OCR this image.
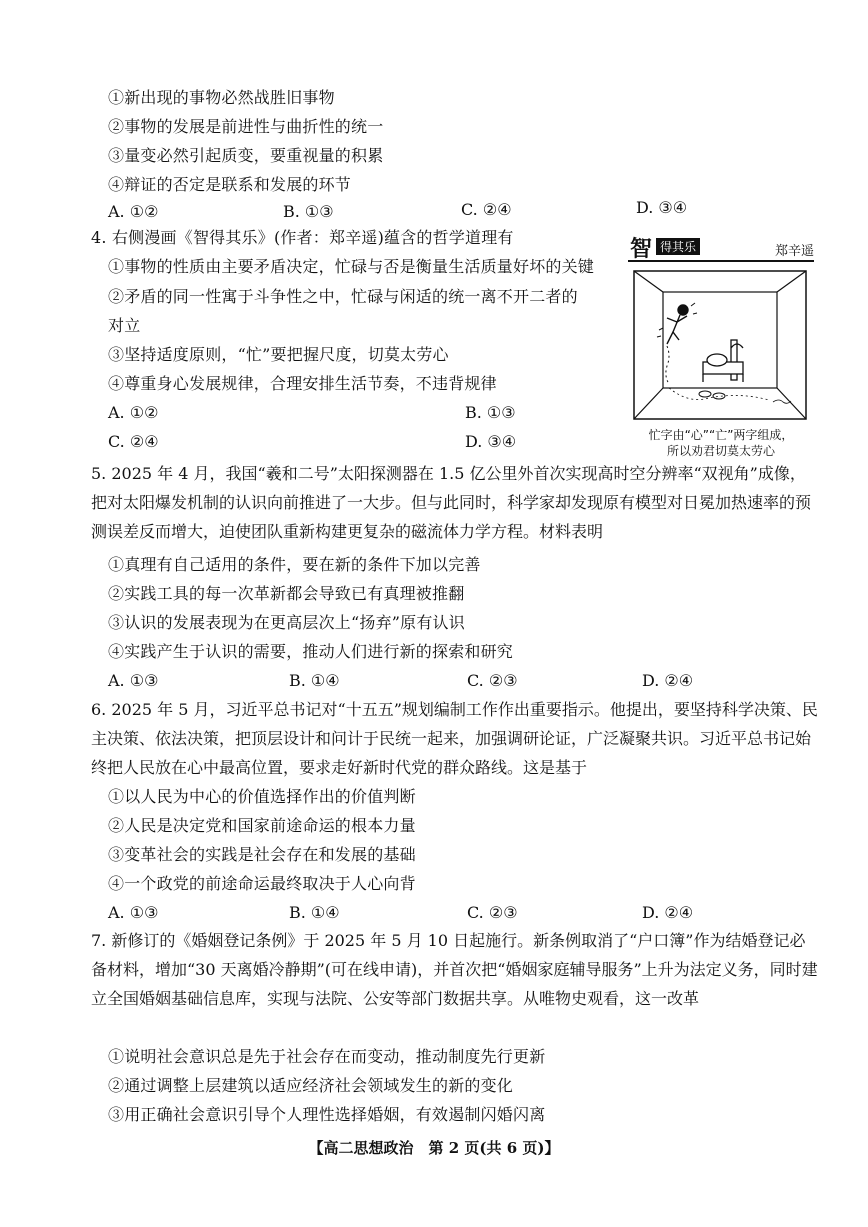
①新出现的事物必然战胜旧事物
②事物的发展是前进性与曲折性的统一
③量变必然引起质变，要重视量的积累
④辩证的否定是联系和发展的环节
A. ①②	B. ①③	C. ②④	D. ③④
4. 右侧漫画《智得其乐》(作者：郑辛遥)蕴含的哲学道理有
①事物的性质由主要矛盾决定，忙碌与否是衡量生活质量好坏的关键
②矛盾的同一性寓于斗争性之中，忙碌与闲适的统一离不开二者的
对立
③坚持适度原则，“忙”要把握尺度，切莫太劳心
④尊重身心发展规律，合理安排生活节奏，不违背规律
A. ①②	B. ①③
C. ②④	D. ③④
智 得其乐	郑辛遥
忙字由“心”“亡”两字组成，
所以劝君切莫太劳心
5. 2025 年 4 月，我国“羲和二号”太阳探测器在 1.5 亿公里外首次实现高时空分辨率“双视角”成像，把对太阳爆发机制的认识向前推进了一大步。但与此同时，科学家却发现原有模型对日冕加热速率的预测误差反而增大，迫使团队重新构建更复杂的磁流体力学方程。材料表明
①真理有自己适用的条件，要在新的条件下加以完善
②实践工具的每一次革新都会导致已有真理被推翻
③认识的发展表现为在更高层次上“扬弃”原有认识
④实践产生于认识的需要，推动人们进行新的探索和研究
A. ①③	B. ①④	C. ②③	D. ②④
6. 2025 年 5 月，习近平总书记对“十五五”规划编制工作作出重要指示。他提出，要坚持科学决策、民主决策、依法决策，把顶层设计和问计于民统一起来，加强调研论证，广泛凝聚共识。习近平总书记始终把人民放在心中最高位置，要求走好新时代党的群众路线。这是基于
①以人民为中心的价值选择作出的价值判断
②人民是决定党和国家前途命运的根本力量
③变革社会的实践是社会存在和发展的基础
④一个政党的前途命运最终取决于人心向背
A. ①③	B. ①④	C. ②③	D. ②④
7. 新修订的《婚姻登记条例》于 2025 年 5 月 10 日起施行。新条例取消了“户口簿”作为结婚登记必备材料，增加“30 天离婚冷静期”(可在线申请)，并首次把“婚姻家庭辅导服务”上升为法定义务，同时建立全国婚姻基础信息库，实现与法院、公安等部门数据共享。从唯物史观看，这一改革
①说明社会意识总是先于社会存在而变动，推动制度先行更新
②通过调整上层建筑以适应经济社会领域发生的新的变化
③用正确社会意识引导个人理性选择婚姻，有效遏制闪婚闪离
【高二思想政治　第 2 页(共 6 页)】
